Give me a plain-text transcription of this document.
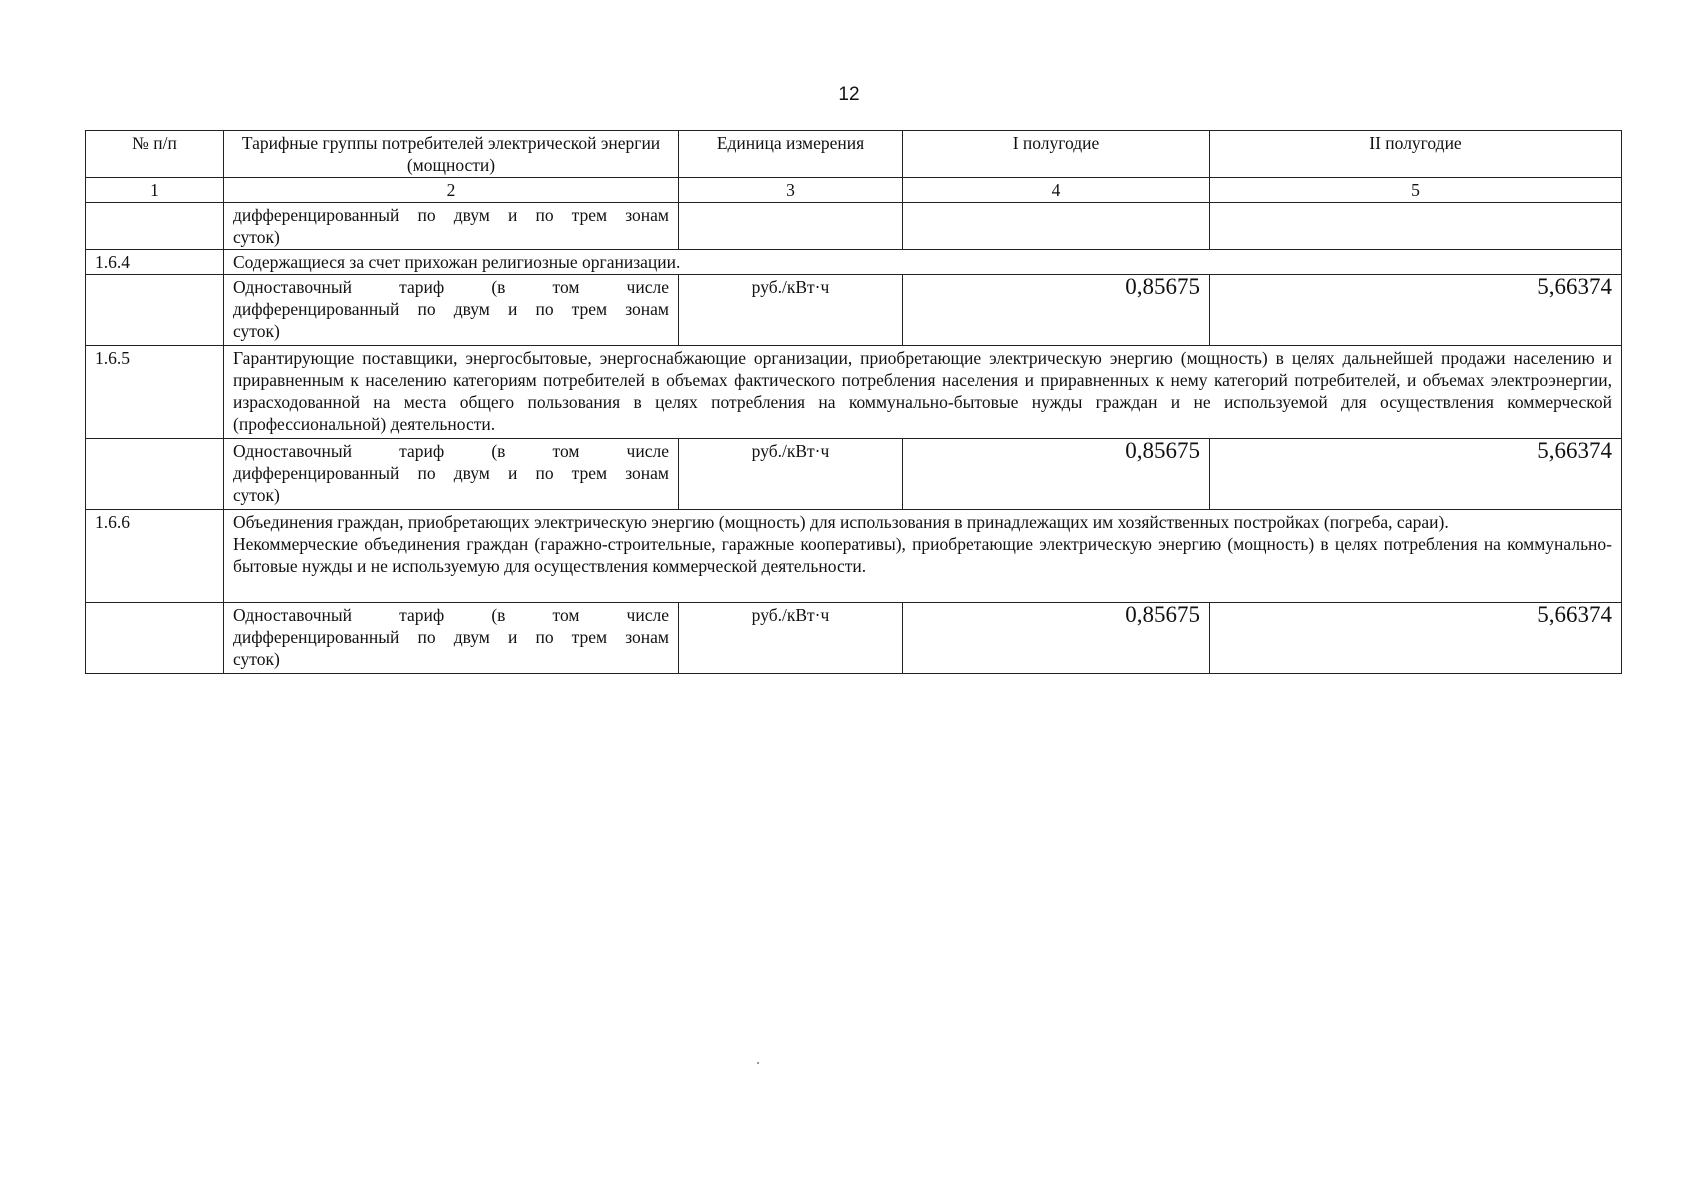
12
№ п/п	Тарифные группы потребителей электрической энергии (мощности)	Единица измерения	I полугодие	II полугодие
1	2	3	4	5

	дифференцированный по двум и по трем зонам
суток)			

1.6.4	Содержащиеся за счет прихожан религиозные организации.			

	Одноставочный тариф (в том числе
дифференцированный по двум и по трем зонам
суток)	руб./кВт·ч	0,85675	5,66374
1.6.5	Гарантирующие поставщики, энергосбытовые, энергоснабжающие организации, приобретающие электрическую энергию (мощность) в целях дальнейшей продажи населению и приравненным к населению категориям потребителей в объемах фактического потребления населения и приравненных к нему категорий потребителей, и объемах электроэнергии, израсходованной на места общего пользования в целях потребления на коммунально-бытовые нужды граждан и не используемой для осуществления коммерческой (профессиональной) деятельности.			

	Одноставочный тариф (в том числе
дифференцированный по двум и по трем зонам
суток)	руб./кВт·ч	0,85675	5,66374
1.6.6	Объединения граждан, приобретающих электрическую энергию (мощность) для использования в принадлежащих им хозяйственных постройках (погреба, сараи).
Некоммерческие объединения граждан (гаражно-строительные, гаражные кооперативы), приобретающие электрическую энергию (мощность) в целях потребления на коммунально-бытовые нужды и не используемую для осуществления коммерческой деятельности.			

	Одноставочный тариф (в том числе
дифференцированный по двум и по трем зонам
суток)	руб./кВт·ч	0,85675	5,66374
